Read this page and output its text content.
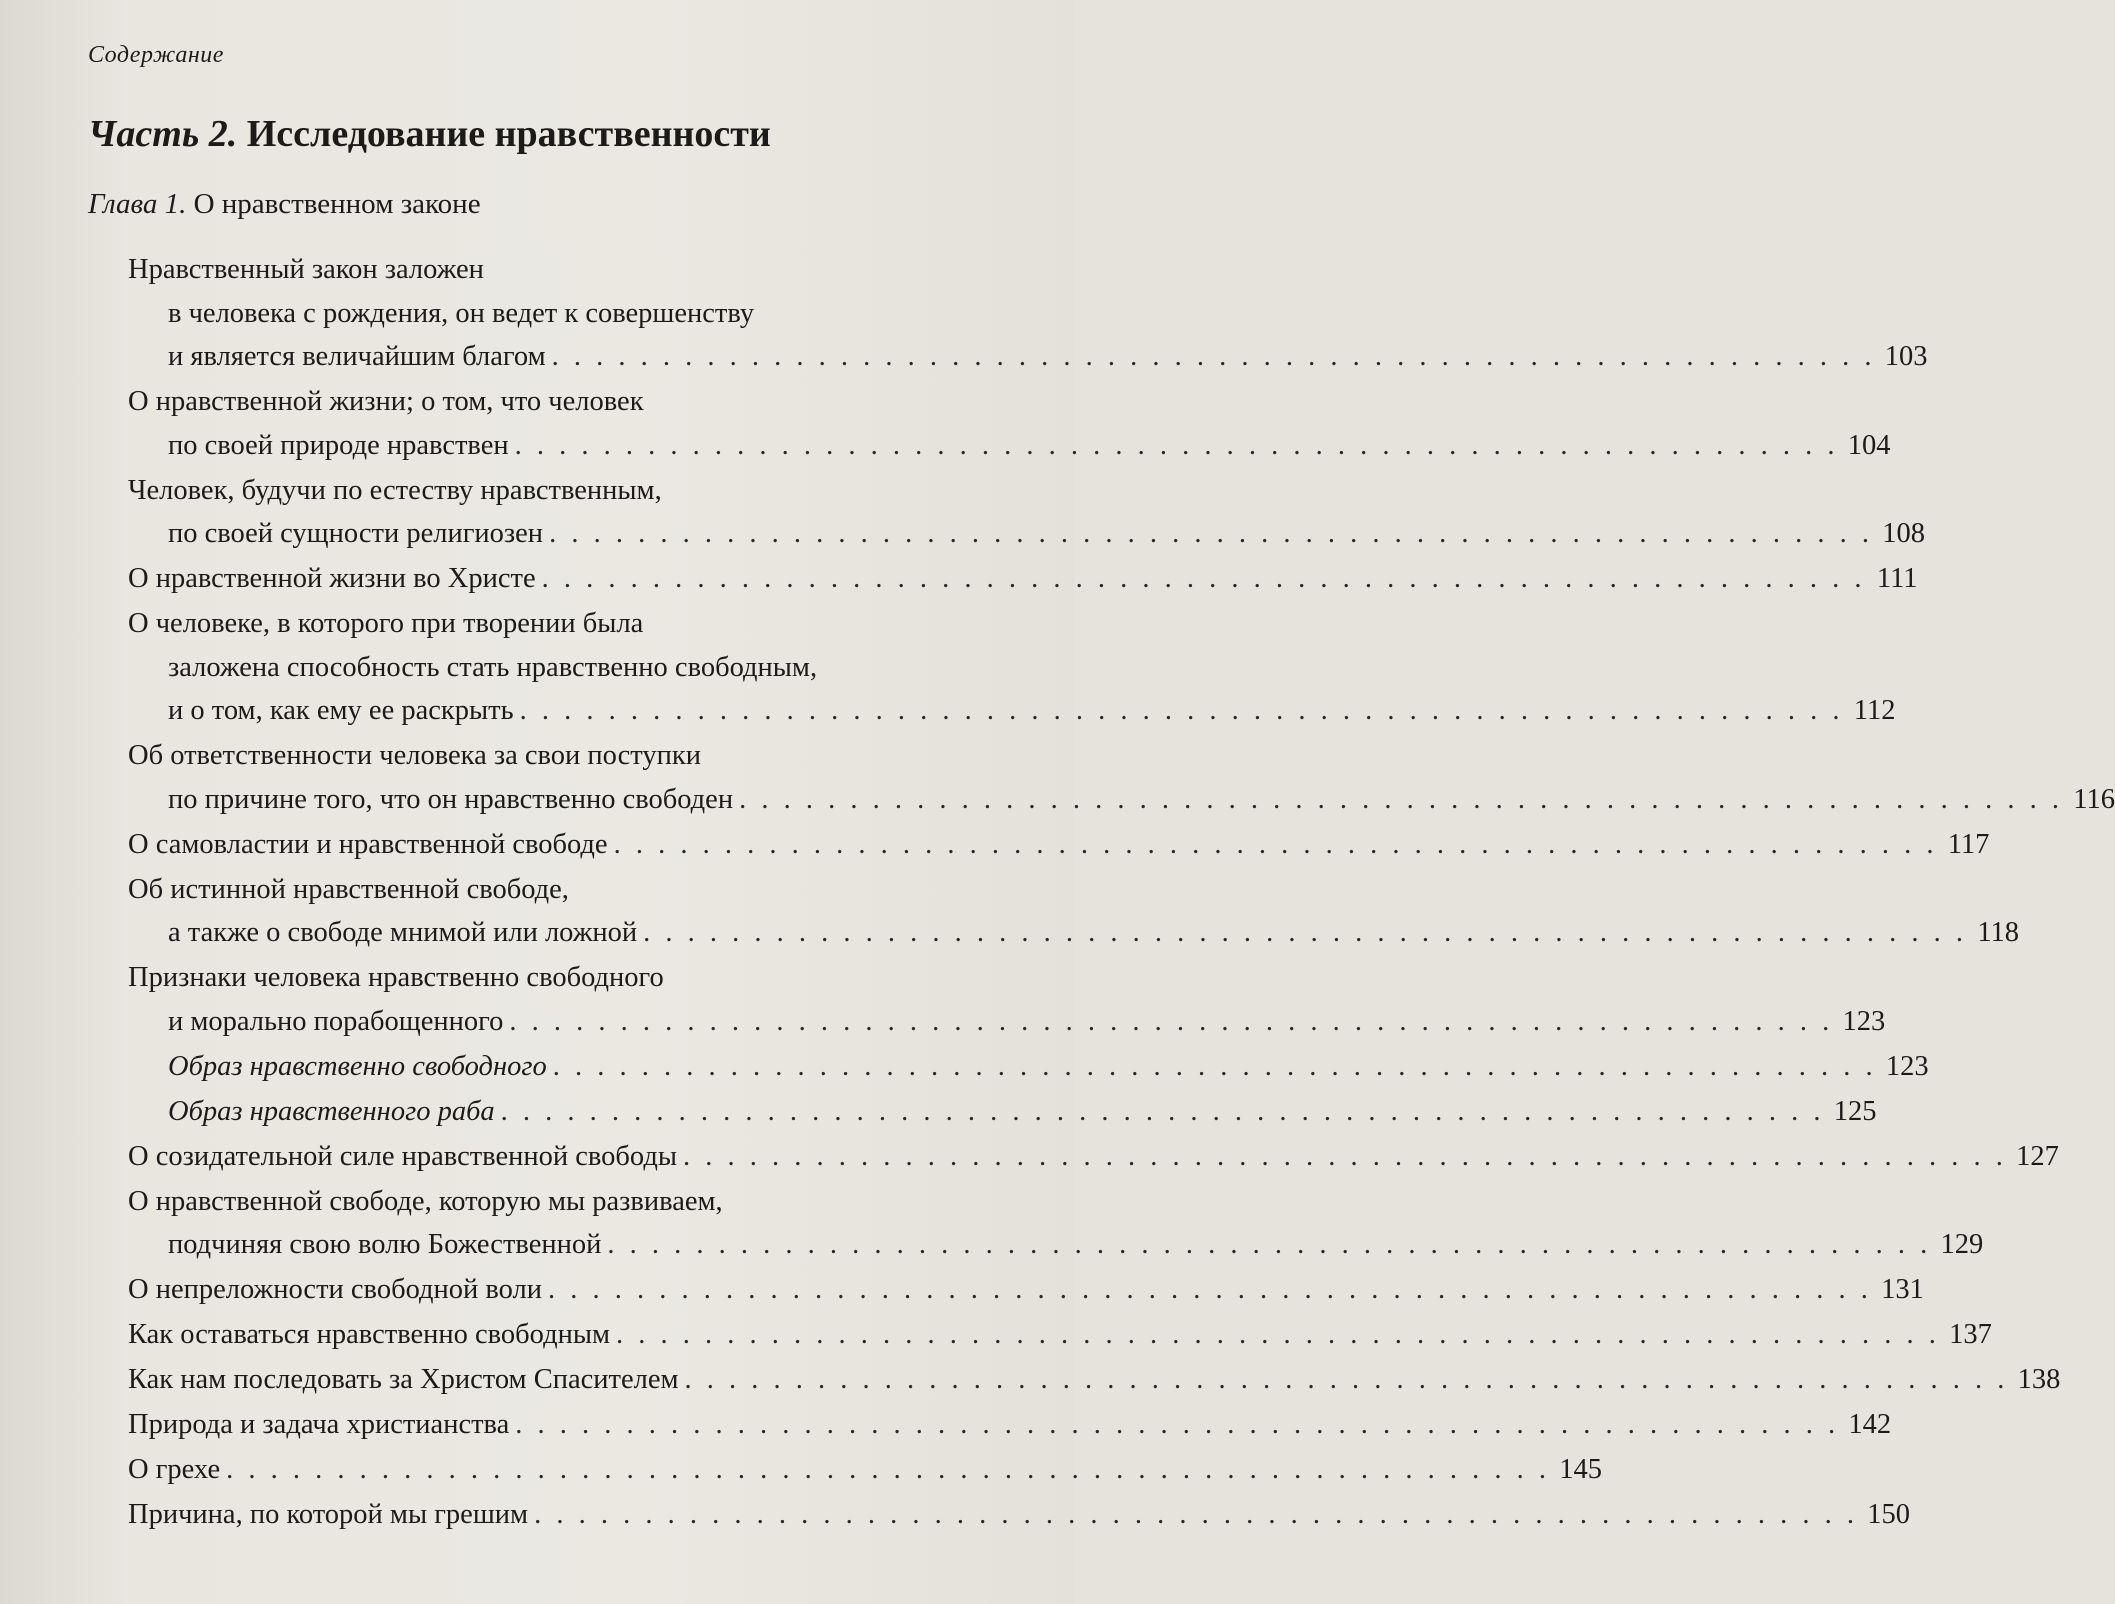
Содержание
Часть 2. Исследование нравственности
Глава 1. О нравственном законе
Нравственный закон заложен
в человека с рождения, он ведет к совершенству
и является величайшим благом . . . . . . . . . . . . . . . . . . . . . . . . . . . . . . . . . . . . . . . . . . . . . . . . . . . . . . . . . . . . 103
О нравственной жизни; о том, что человек
по своей природе нравствен . . . . . . . . . . . . . . . . . . . . . . . . . . . . . . . . . . . . . . . . . . . . . . . . . . . . . . . . . . . . 104
Человек, будучи по естеству нравственным,
по своей сущности религиозен . . . . . . . . . . . . . . . . . . . . . . . . . . . . . . . . . . . . . . . . . . . . . . . . . . . . . . . . . . . . 108
О нравственной жизни во Христе . . . . . . . . . . . . . . . . . . . . . . . . . . . . . . . . . . . . . . . . . . . . . . . . . . . . . . . . . . . . 111
О человеке, в которого при творении была
заложена способность стать нравственно свободным,
и о том, как ему ее раскрыть . . . . . . . . . . . . . . . . . . . . . . . . . . . . . . . . . . . . . . . . . . . . . . . . . . . . . . . . . . . . 112
Об ответственности человека за свои поступки
по причине того, что он нравственно свободен . . . . . . . . . . . . . . . . . . . . . . . . . . . . . . . . . . . . . . . . . . . . . . . . . . . . . . . . . . . . 116
О самовластии и нравственной свободе . . . . . . . . . . . . . . . . . . . . . . . . . . . . . . . . . . . . . . . . . . . . . . . . . . . . . . . . . . . . 117
Об истинной нравственной свободе,
а также о свободе мнимой или ложной . . . . . . . . . . . . . . . . . . . . . . . . . . . . . . . . . . . . . . . . . . . . . . . . . . . . . . . . . . . . 118
Признаки человека нравственно свободного
и морально порабощенного . . . . . . . . . . . . . . . . . . . . . . . . . . . . . . . . . . . . . . . . . . . . . . . . . . . . . . . . . . . . 123
Образ нравственно свободного . . . . . . . . . . . . . . . . . . . . . . . . . . . . . . . . . . . . . . . . . . . . . . . . . . . . . . . . . . . . 123
Образ нравственного раба . . . . . . . . . . . . . . . . . . . . . . . . . . . . . . . . . . . . . . . . . . . . . . . . . . . . . . . . . . . . 125
О созидательной силе нравственной свободы . . . . . . . . . . . . . . . . . . . . . . . . . . . . . . . . . . . . . . . . . . . . . . . . . . . . . . . . . . . . 127
О нравственной свободе, которую мы развиваем,
подчиняя свою волю Божественной . . . . . . . . . . . . . . . . . . . . . . . . . . . . . . . . . . . . . . . . . . . . . . . . . . . . . . . . . . . . 129
О непреложности свободной воли . . . . . . . . . . . . . . . . . . . . . . . . . . . . . . . . . . . . . . . . . . . . . . . . . . . . . . . . . . . . 131
Как оставаться нравственно свободным . . . . . . . . . . . . . . . . . . . . . . . . . . . . . . . . . . . . . . . . . . . . . . . . . . . . . . . . . . . . 137
Как нам последовать за Христом Спасителем . . . . . . . . . . . . . . . . . . . . . . . . . . . . . . . . . . . . . . . . . . . . . . . . . . . . . . . . . . . . 138
Природа и задача христианства . . . . . . . . . . . . . . . . . . . . . . . . . . . . . . . . . . . . . . . . . . . . . . . . . . . . . . . . . . . . 142
О грехе . . . . . . . . . . . . . . . . . . . . . . . . . . . . . . . . . . . . . . . . . . . . . . . . . . . . . . . . . . . . 145
Причина, по которой мы грешим . . . . . . . . . . . . . . . . . . . . . . . . . . . . . . . . . . . . . . . . . . . . . . . . . . . . . . . . . . . . 150
